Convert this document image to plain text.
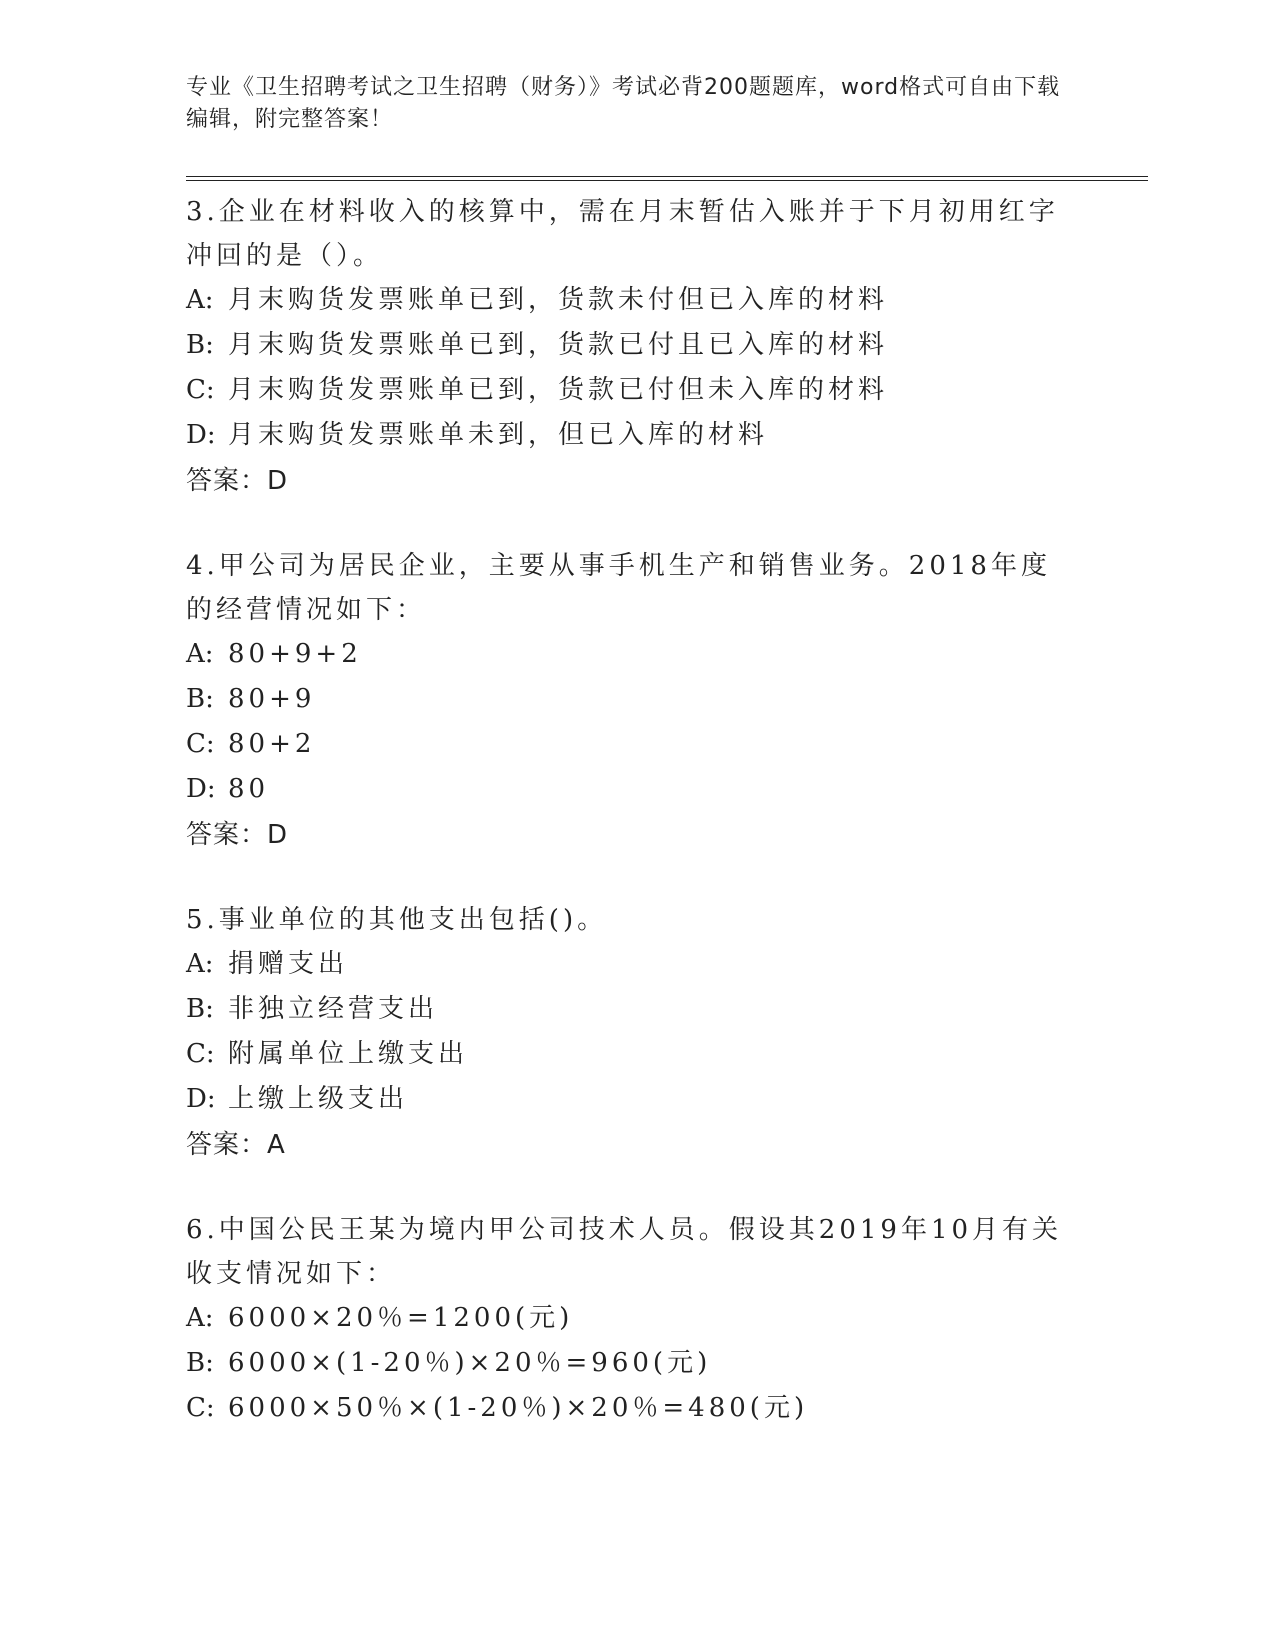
专业《卫生招聘考试之卫生招聘（财务）》考试必背200题题库，word格式可自由下载编辑，附完整答案！

3.企业在材料收入的核算中，需在月末暂估入账并于下月初用红字冲回的是（）。

A: 月末购货发票账单已到，货款未付但已入库的材料

B: 月末购货发票账单已到，货款已付且已入库的材料

C: 月末购货发票账单已到，货款已付但未入库的材料

D: 月末购货发票账单未到，但已入库的材料

答案：D

4.甲公司为居民企业，主要从事手机生产和销售业务。2018年度的经营情况如下：

A: 80+9+2

B: 80+9

C: 80+2

D: 80

答案：D

5.事业单位的其他支出包括()。

A: 捐赠支出

B: 非独立经营支出

C: 附属单位上缴支出

D: 上缴上级支出

答案：A

6.中国公民王某为境内甲公司技术人员。假设其2019年10月有关收支情况如下：

A: 6000×20％=1200(元)

B: 6000×(1-20％)×20％=960(元)

C: 6000×50％×(1-20％)×20％=480(元)
